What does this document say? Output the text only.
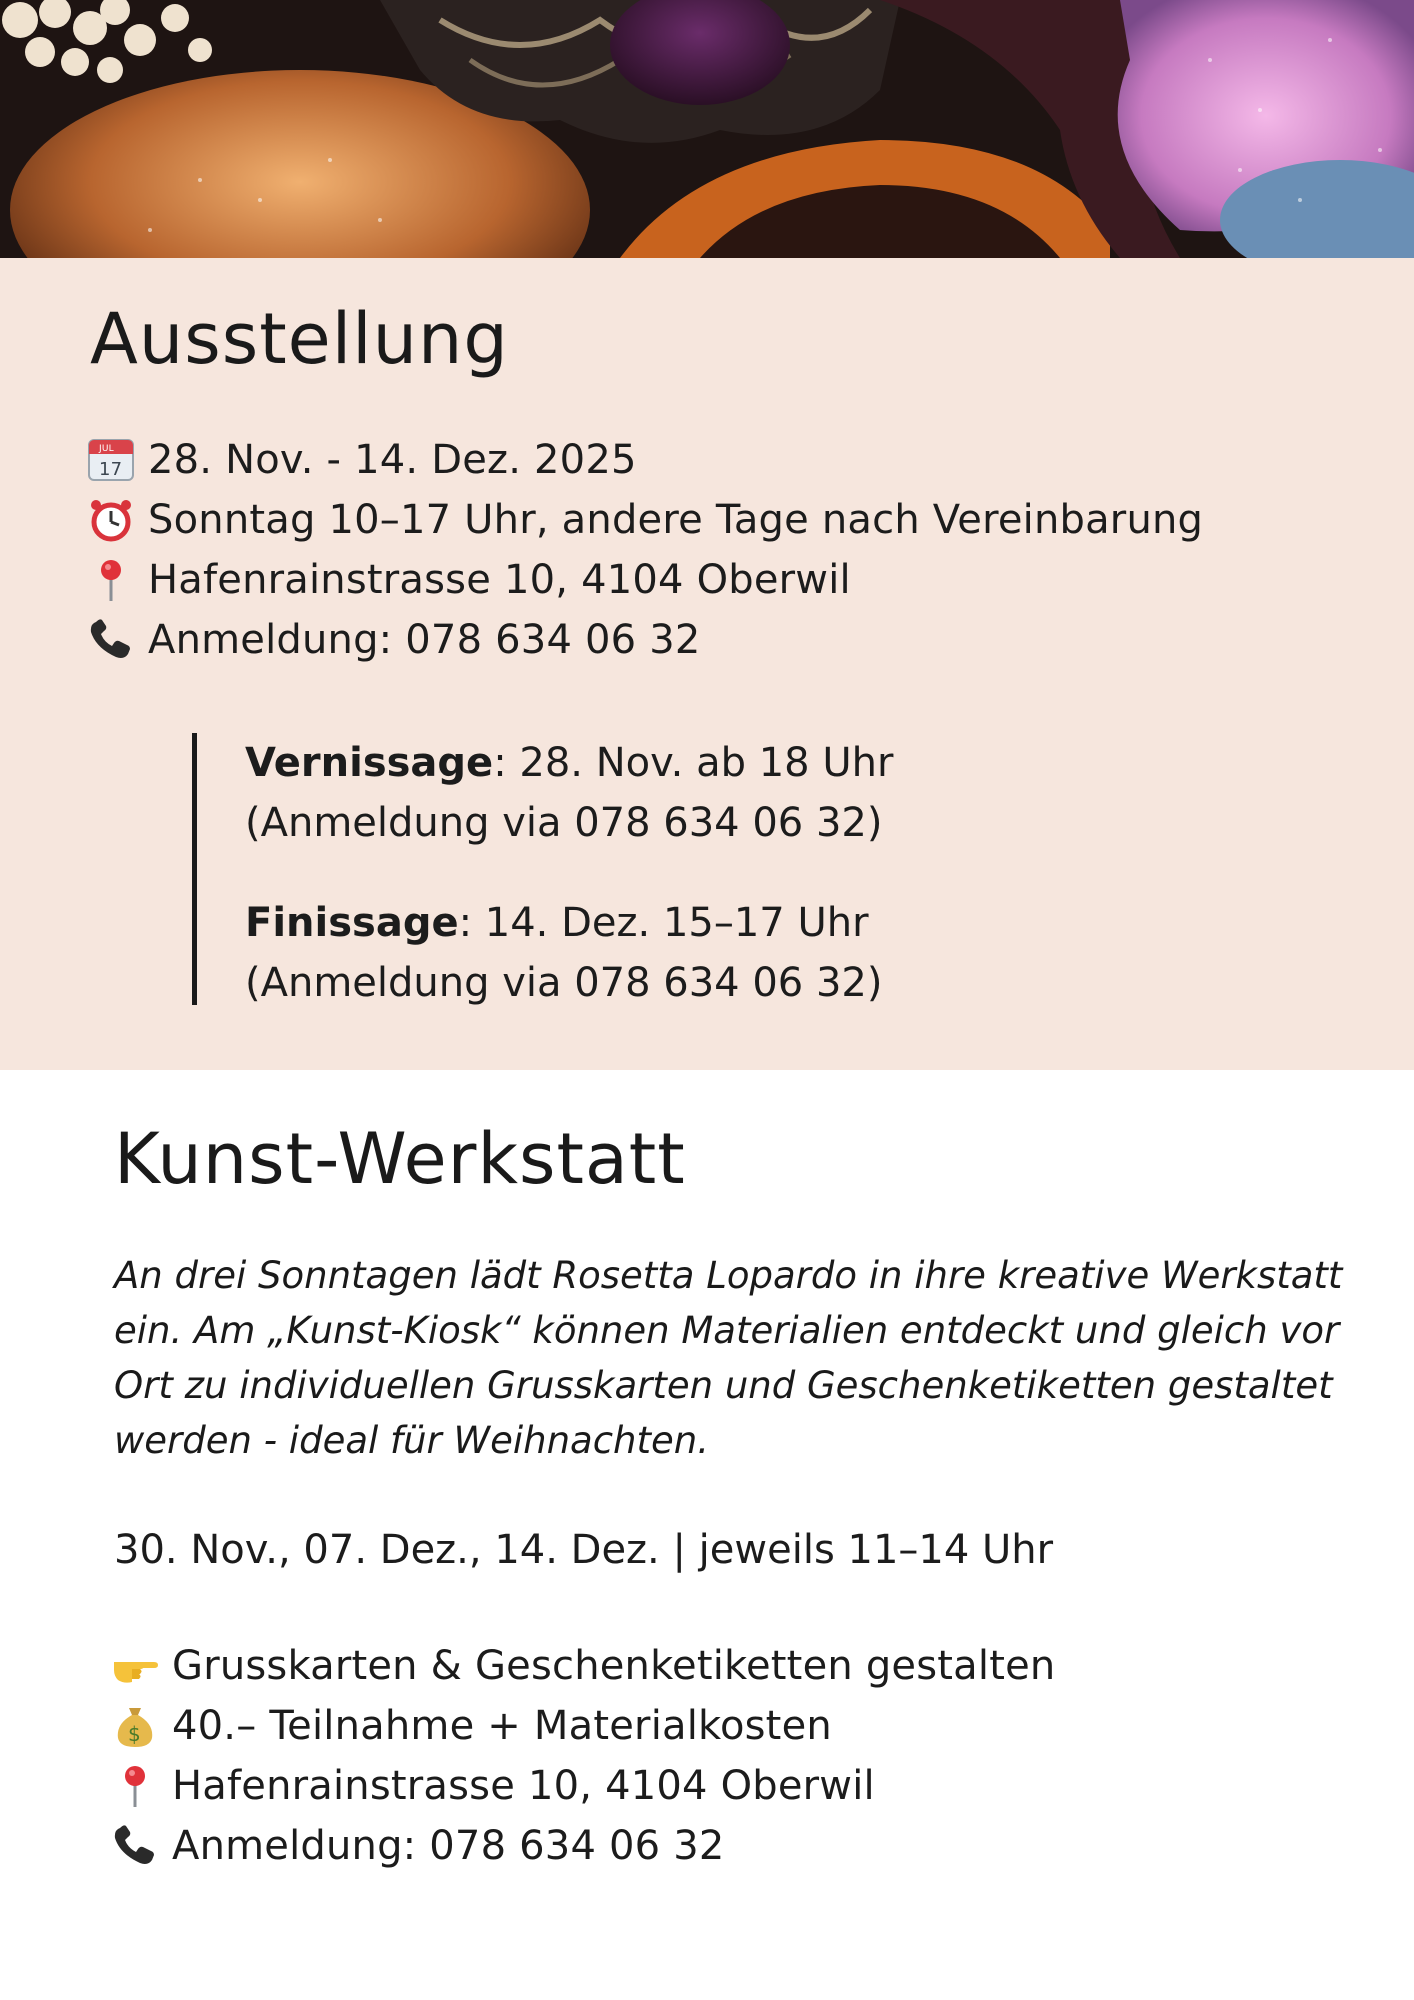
Ausstellung
JUL
17 28. Nov. - 14. Dez. 2025
Sonntag 10–17 Uhr, andere Tage nach Vereinbarung
Hafenrainstrasse 10, 4104 Oberwil
Anmeldung: 078 634 06 32
Vernissage: 28. Nov. ab 18 Uhr
(Anmeldung via 078 634 06 32)
Finissage: 14. Dez. 15–17 Uhr
(Anmeldung via 078 634 06 32)
Kunst-Werkstatt

An drei Sonntagen lädt Rosetta Lopardo in ihre kreative Werkstatt ein. Am „Kunst-Kiosk“ können Materialien entdeckt und gleich vor Ort zu individuellen Grusskarten und Geschenketiketten gestaltet werden - ideal für Weihnachten.

30. Nov., 07. Dez., 14. Dez. | jeweils 11–14 Uhr

Grusskarten & Geschenketiketten gestalten
$ 40.– Teilnahme + Materialkosten
Hafenrainstrasse 10, 4104 Oberwil
Anmeldung: 078 634 06 32
